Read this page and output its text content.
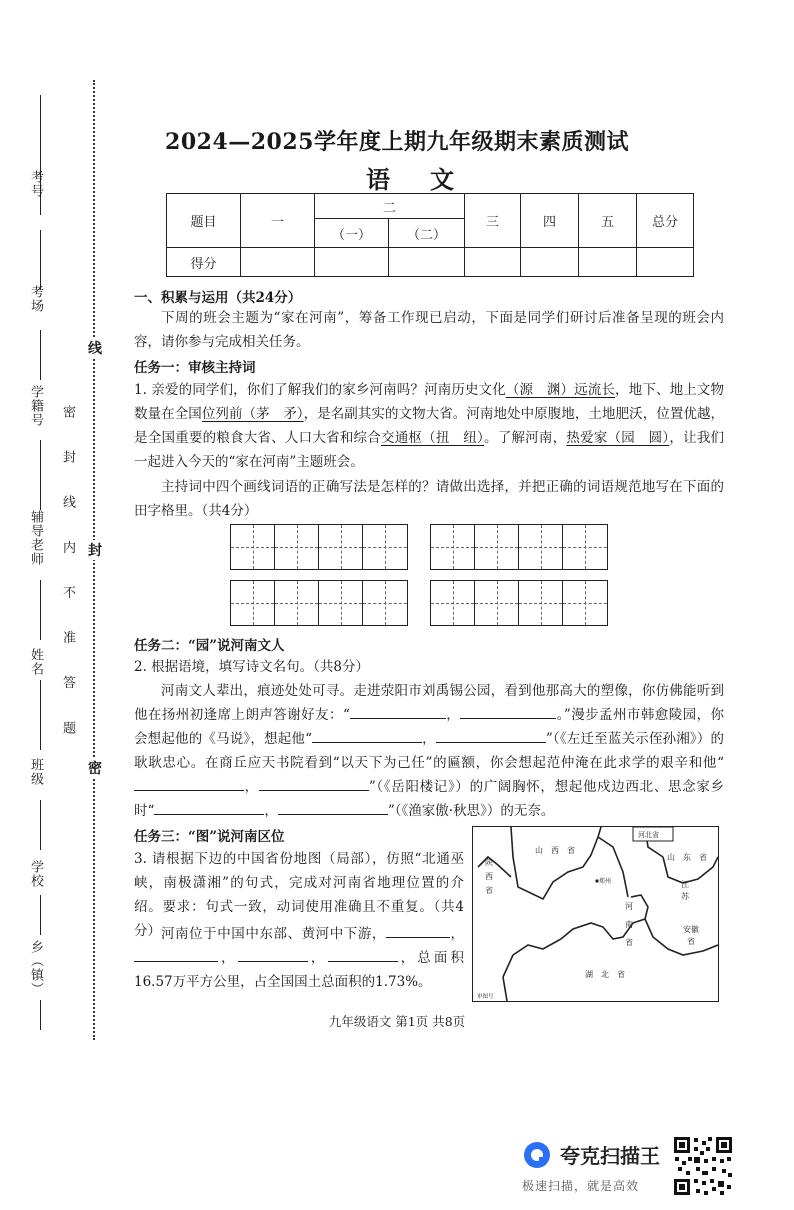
考号
考场
学籍号
辅导老师
姓名
班级
学校
乡（镇）
密 封 线 内 不 准 答 题
线
封
密
2024—2025学年度上期九年级期末素质测试
语文
题目	一	二		三	四	五	总分
		（一）	（二）				
得分							
一、积累与运用（共24分）
下周的班会主题为“家在河南”，筹备工作现已启动，下面是同学们研讨后准备呈现的班会内容，请你参与完成相关任务。
任务一：审核主持词
1. 亲爱的同学们，你们了解我们的家乡河南吗？河南历史文化（源　渊）远流长，地下、地上文物数量在全国位列前（茅　矛），是名副其实的文物大省。河南地处中原腹地，土地肥沃，位置优越，是全国重要的粮食大省、人口大省和综合交通枢（扭　纽）。了解河南，热爱家（园　圆），让我们一起进入今天的“家在河南”主题班会。
主持词中四个画线词语的正确写法是怎样的？请做出选择，并把正确的词语规范地写在下面的田字格里。（共4分）
任务二：“园”说河南文人
2. 根据语境，填写诗文名句。（共8分）
河南文人辈出，痕迹处处可寻。走进荥阳市刘禹锡公园，看到他那高大的塑像，你仿佛能听到他在扬州初逢席上朗声答谢好友：“	，	。”漫步孟州市韩愈陵园，你会想起他的《马说》，想起他“	，	”（《左迁至蓝关示侄孙湘》）的耿耿忠心。在商丘应天书院看到“以天下为己任”的匾额，你会想起范仲淹在此求学的艰辛和他“，	”（《岳阳楼记》）的广阔胸怀，想起他戍边西北、思念家乡时“	，	”（《渔家傲·秋思》）的无奈。
任务三：“图”说河南区位
3. 请根据下边的中国省份地图（局部），仿照“北通巫峡，南极潇湘”的句式，完成对河南省地理位置的介绍。要求：句式一致，动词使用准确且不重复。（共4分） 河南位于中国中东部、黄河中下游，	，，	，	，总面积16.57万平方公里，占全国国土总面积的1.73%。
山　西　省
河北省
山　东　省
陕
西
省
河
南
省
江
苏
安徽
省
湖　北　省
郑州
审图号
九年级语文 第1页 共8页
夸克扫描王
极速扫描，就是高效
